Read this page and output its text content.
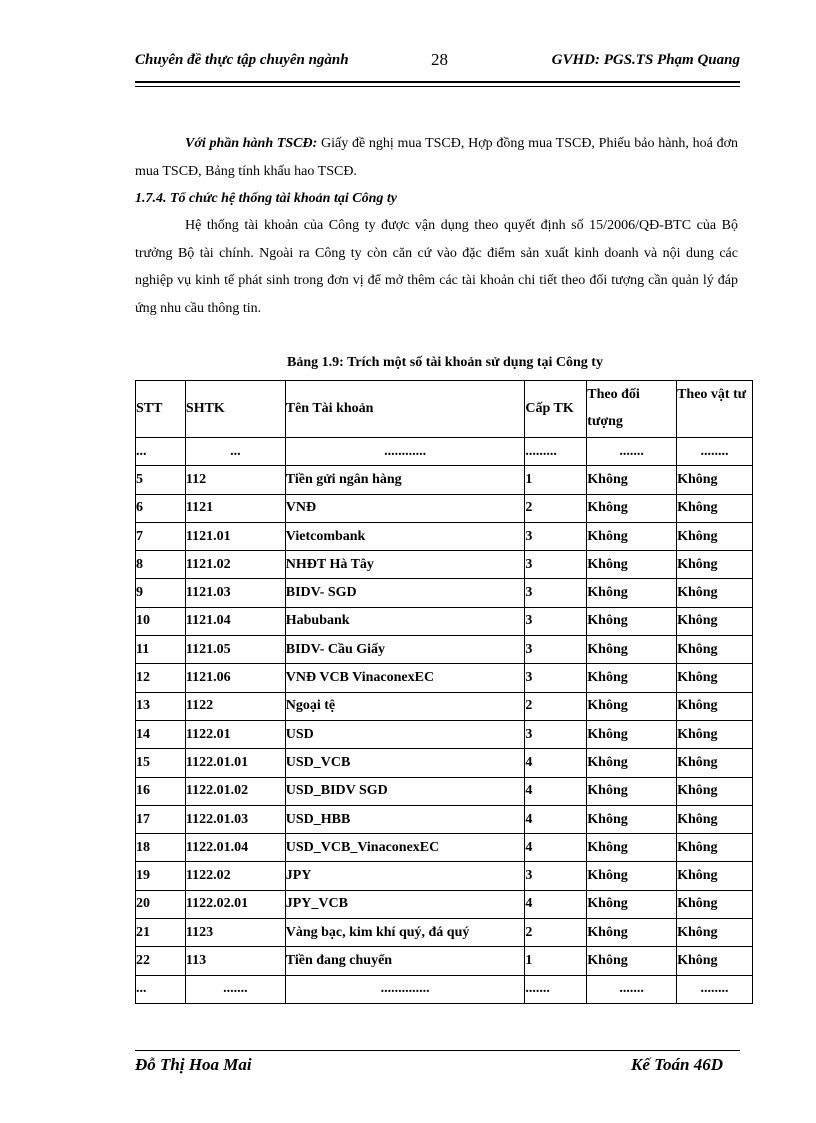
Chuyên đề thực tập chuyên ngành	28	GVHD: PGS.TS Phạm Quang

Với phần hành TSCĐ: Giấy đề nghị mua TSCĐ, Hợp đồng mua TSCĐ, Phiếu bảo hành, hoá đơn mua TSCĐ, Bảng tính khấu hao TSCĐ.

1.7.4. Tổ chức hệ thống tài khoản tại Công ty

Hệ thống tài khoản của Công ty được vận dụng theo quyết định số 15/2006/QĐ-BTC của Bộ trưởng Bộ tài chính. Ngoài ra Công ty còn căn cứ vào đặc điểm sản xuất kinh doanh và nội dung các nghiệp vụ kinh tế phát sinh trong đơn vị để mở thêm các tài khoản chi tiết theo đối tượng cần quản lý đáp ứng nhu cầu thông tin.

Bảng 1.9: Trích một số tài khoản sử dụng tại Công ty
STT	SHTK	Tên Tài khoản	Cấp TK	Theo đối tượng	Theo vật tư
...	...	............	.........	.......	........
5	112	Tiền gửi ngân hàng	1	Không	Không
6	1121	VNĐ	2	Không	Không
7	1121.01	Vietcombank	3	Không	Không
8	1121.02	NHĐT Hà Tây	3	Không	Không
9	1121.03	BIDV- SGD	3	Không	Không
10	1121.04	Habubank	3	Không	Không
11	1121.05	BIDV- Cầu Giấy	3	Không	Không
12	1121.06	VNĐ VCB VinaconexEC	3	Không	Không
13	1122	Ngoại tệ	2	Không	Không
14	1122.01	USD	3	Không	Không
15	1122.01.01	USD_VCB	4	Không	Không
16	1122.01.02	USD_BIDV SGD	4	Không	Không
17	1122.01.03	USD_HBB	4	Không	Không
18	1122.01.04	USD_VCB_VinaconexEC	4	Không	Không
19	1122.02	JPY	3	Không	Không
20	1122.02.01	JPY_VCB	4	Không	Không
21	1123	Vàng bạc, kim khí quý, đá quý	2	Không	Không
22	113	Tiền đang chuyển	1	Không	Không
...	.......	..............	.......	.......	........
Đỗ Thị Hoa Mai	Kế Toán 46D
